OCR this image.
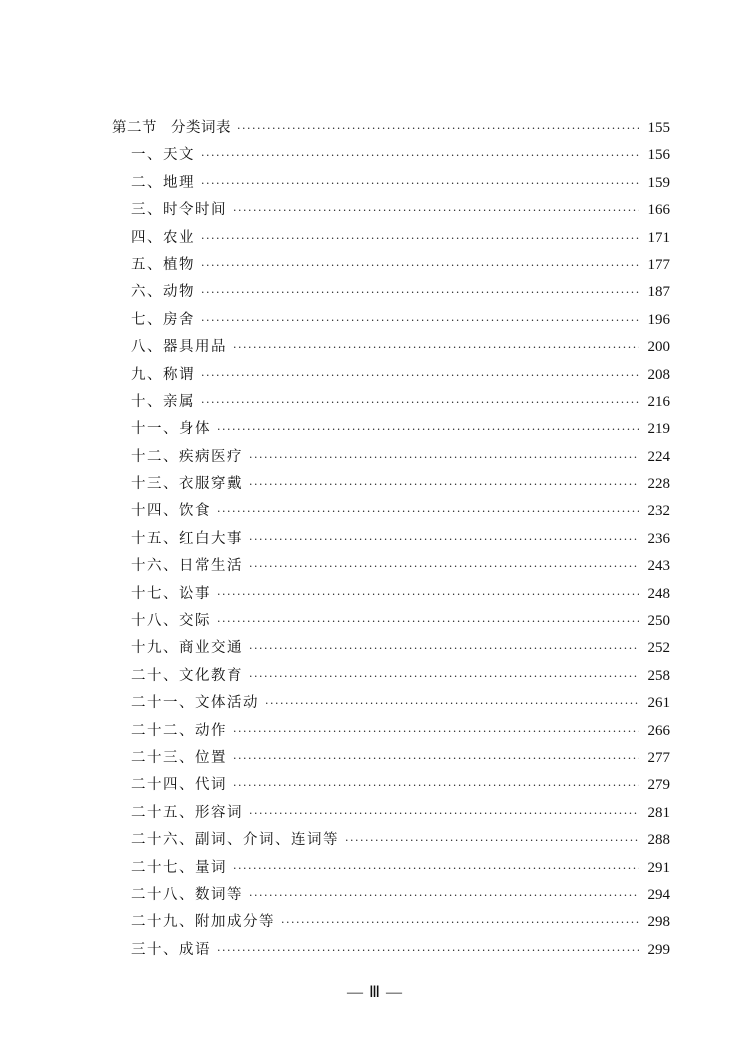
第二节 分类词表 ·····	155
一、天文 ·····	156
二、地理 ·····	159
三、时令时间 ·····	166
四、农业 ·····	171
五、植物 ·····	177
六、动物 ·····	187
七、房舍 ·····	196
八、器具用品 ·····	200
九、称谓 ·····	208
十、亲属 ·····	216
十一、身体 ·····	219
十二、疾病医疗 ·····	224
十三、衣服穿戴 ·····	228
十四、饮食 ·····	232
十五、红白大事 ·····	236
十六、日常生活 ·····	243
十七、讼事 ·····	248
十八、交际 ·····	250
十九、商业交通 ·····	252
二十、文化教育 ·····	258
二十一、文体活动 ·····	261
二十二、动作 ·····	266
二十三、位置 ·····	277
二十四、代词 ·····	279
二十五、形容词 ·····	281
二十六、副词、介词、连词等 ·····	288
二十七、量词 ·····	291
二十八、数词等 ·····	294
二十九、附加成分等 ·····	298
三十、成语 ·····	299
— Ⅲ —
